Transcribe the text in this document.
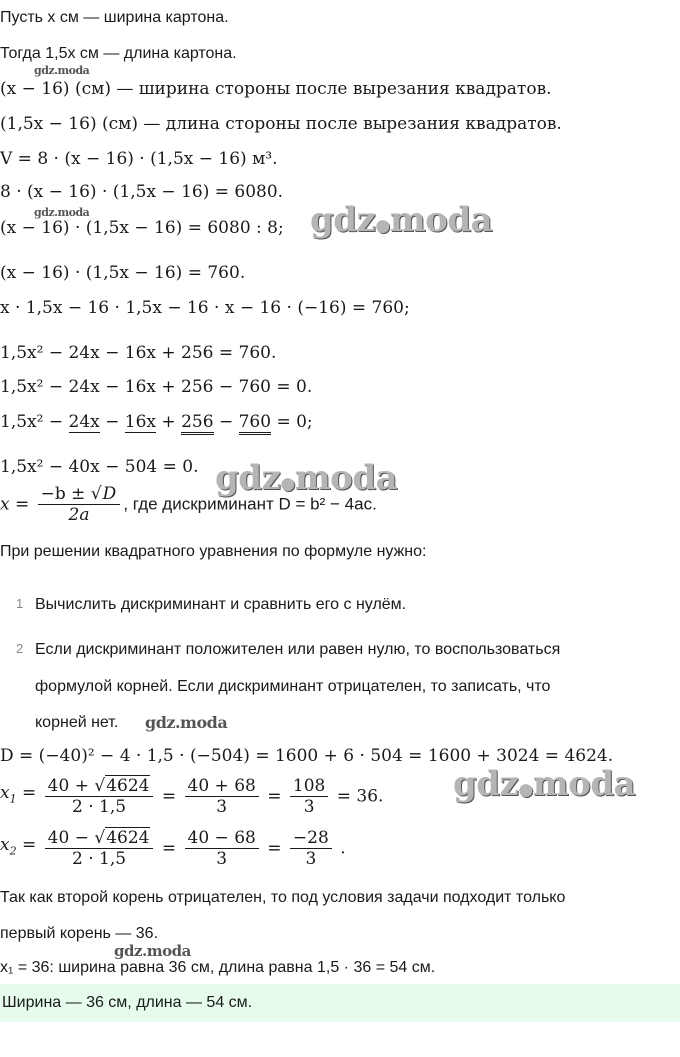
gdz.moda
gdz.moda
gdz.moda
gdz.moda
gdz●moda
gdz●moda
gdz●moda
Пусть x см — ширина картона.
Тогда 1,5x см — длина картона.
(x − 16) (см) — ширина стороны после вырезания квадратов.
(1,5x − 16) (см) — длина стороны после вырезания квадратов.
V = 8 · (x − 16) · (1,5x − 16) м³.
8 · (x − 16) · (1,5x − 16) = 6080.
(x − 16) · (1,5x − 16) = 6080 : 8;
(x − 16) · (1,5x − 16) = 760.
x · 1,5x − 16 · 1,5x − 16 · x − 16 · (−16) = 760;
1,5x² − 24x − 16x + 256 = 760.
1,5x² − 24x − 16x + 256 − 760 = 0.
1,5x² − 24x − 16x + 256 − 760 = 0;
1,5x² − 40x − 504 = 0.
$x = \frac{-b \pm √D}{2a}$ , где дискриминант D = b² − 4ac.
При решении квадратного уравнения по формуле нужно:
1 Вычислить дискриминант и сравнить его с нулём.
2 Если дискриминант положителен или равен нулю, то воспользоваться
формулой корней. Если дискриминант отрицателен, то записать, что
корней нет.
D = (−40)² − 4 · 1,5 · (−504) = 1600 + 6 · 504 = 1600 + 3024 = 4624.
$x_1 = \frac{40 + √4624}{2 \cdot 1,5} = \frac{40 + 68}{3} = \frac{108}{3} = 36$.
$x_2 = \frac{40 - √4624}{2 \cdot 1,5} = \frac{40 - 68}{3} = \frac{-28}{3}$ .
Так как второй корень отрицателен, то под условия задачи подходит только
первый корень — 36.
x₁ = 36: ширина равна 36 см, длина равна 1,5 · 36 = 54 см.
Ширина — 36 см, длина — 54 см.
